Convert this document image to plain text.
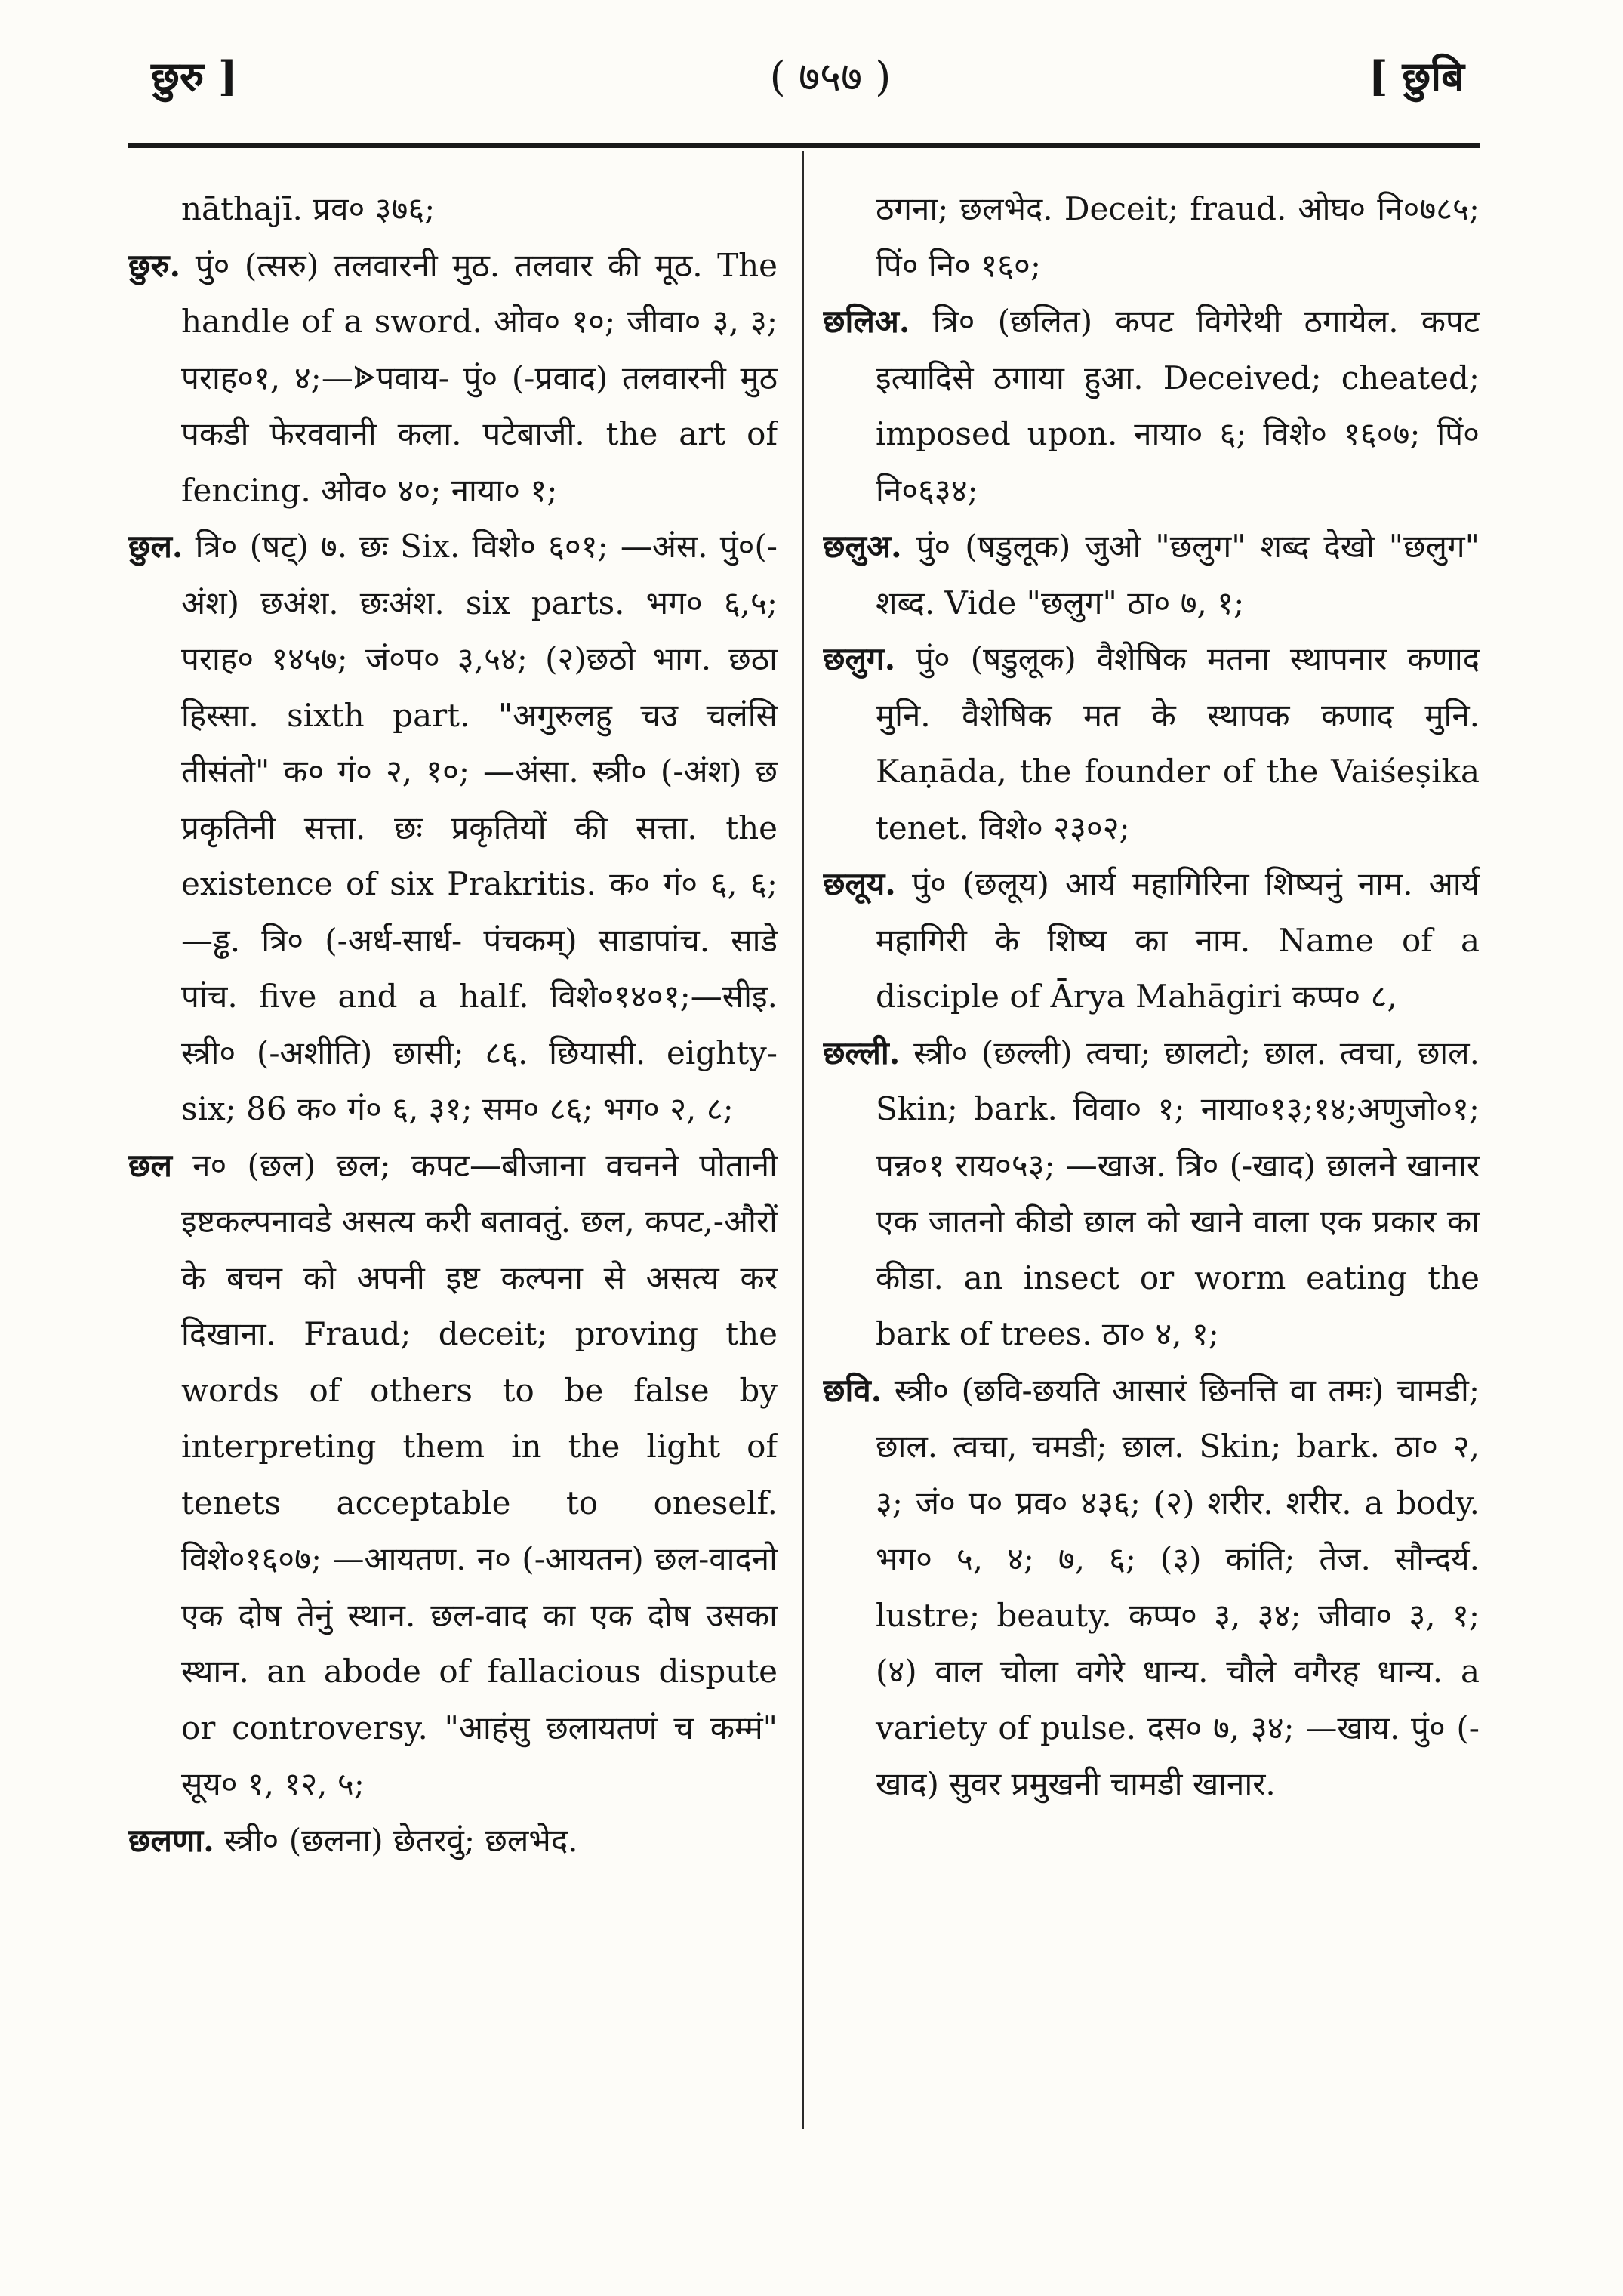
छुरु ]	( ७५७ )	[ छुबि

nāthajī. प्रव० ३७६;

छुरु. पुं० (त्सरु) तलवारनी मुठ. तलवार की मूठ. The handle of a sword. ओव० १०; जीवा० ३, ३; पराह०१, ४;—ᗎपवाय- पुं० (-प्रवाद) तलवारनी मुठ पकडी फेरववानी कला. पटेबाजी. the art of fencing. ओव० ४०; नाया० १;

छुल. त्रि० (षट्) ७. छः Six. विशे० ६०१; —अंस. पुं०(-अंश) छअंश. छःअंश. six parts. भग० ६,५; पराह० १४५७; जं०प० ३,५४; (२)छठो भाग. छठा हिस्सा. sixth part. "अगुरुलहु चउ चलंसि तीसंतो" क० गं० २, १०; —अंसा. स्त्री० (-अंश) छ प्रकृतिनी सत्ता. छः प्रकृतियों की सत्ता. the existence of six Prakritis. क० गं० ६, ६;—ड्ढ. त्रि० (-अर्ध-सार्ध- पंचकम्) साडापांच. साडे पांच. five and a half. विशे०१४०१;—सीइ. स्त्री० (-अशीति) छासी; ८६. छियासी. eighty-six; 86 क० गं० ६, ३१; सम० ८६; भग० २, ८;

छल न० (छल) छल; कपट—बीजाना वचनने पोतानी इष्टकल्पनावडे असत्य करी बतावतुं. छल, कपट,-औरों के बचन को अपनी इष्ट कल्पना से असत्य कर दिखाना. Fraud; deceit; proving the words of others to be false by interpreting them in the light of tenets acceptable to oneself. विशे०१६०७; —आयतण. न० (-आयतन) छल-वादनो एक दोष तेनुं स्थान. छल-वाद का एक दोष उसका स्थान. an abode of fallacious dispute or controversy. "आहंसु छलायतणं च कम्मं" सूय० १, १२, ५;

छलणा. स्त्री० (छलना) छेतरवुं; छलभेद.

ठगना; छलभेद. Deceit; fraud. ओघ० नि०७८५; पिं० नि० १६०;

छलिअ. त्रि० (छलित) कपट विगेरेथी ठगायेल. कपट इत्यादिसे ठगाया हुआ. Deceived; cheated; imposed upon. नाया० ६; विशे० १६०७; पिं० नि०६३४;

छलुअ. पुं० (षडुलूक) जुओ "छलुग" शब्द देखो "छलुग" शब्द. Vide "छलुग" ठा० ७, १;

छलुग. पुं० (षडुलूक) वैशेषिक मतना स्थापनार कणाद मुनि. वैशेषिक मत के स्थापक कणाद मुनि. Kaṇāda, the founder of the Vaiśeṣika tenet. विशे० २३०२;

छलूय. पुं० (छलूय) आर्य महागिरिना शिष्यनुं नाम. आर्य महागिरी के शिष्य का नाम. Name of a disciple of Ārya Mahāgiri कप्प० ८,

छल्ली. स्त्री० (छल्ली) त्वचा; छालटो; छाल. त्वचा, छाल. Skin; bark. विवा० १; नाया०१३;१४;अणुजो०१; पन्न०१ राय०५३; —खाअ. त्रि० (-खाद) छालने खानार एक जातनो कीडो छाल को खाने वाला एक प्रकार का कीडा. an insect or worm eating the bark of trees. ठा० ४, १;

छवि. स्त्री० (छवि-छयति आसारं छिनत्ति वा तमः) चामडी; छाल. त्वचा, चमडी; छाल. Skin; bark. ठा० २, ३; जं० प० प्रव० ४३६; (२) शरीर. शरीर. a body. भग० ५, ४; ७, ६; (३) कांति; तेज. सौन्दर्य. lustre; beauty. कप्प० ३, ३४; जीवा० ३, १; (४) वाल चोला वगेरे धान्य. चौले वगैरह धान्य. a variety of pulse. दस० ७, ३४; —खाय. पुं० (-खाद) सुवर प्रमुखनी चामडी खानार.
